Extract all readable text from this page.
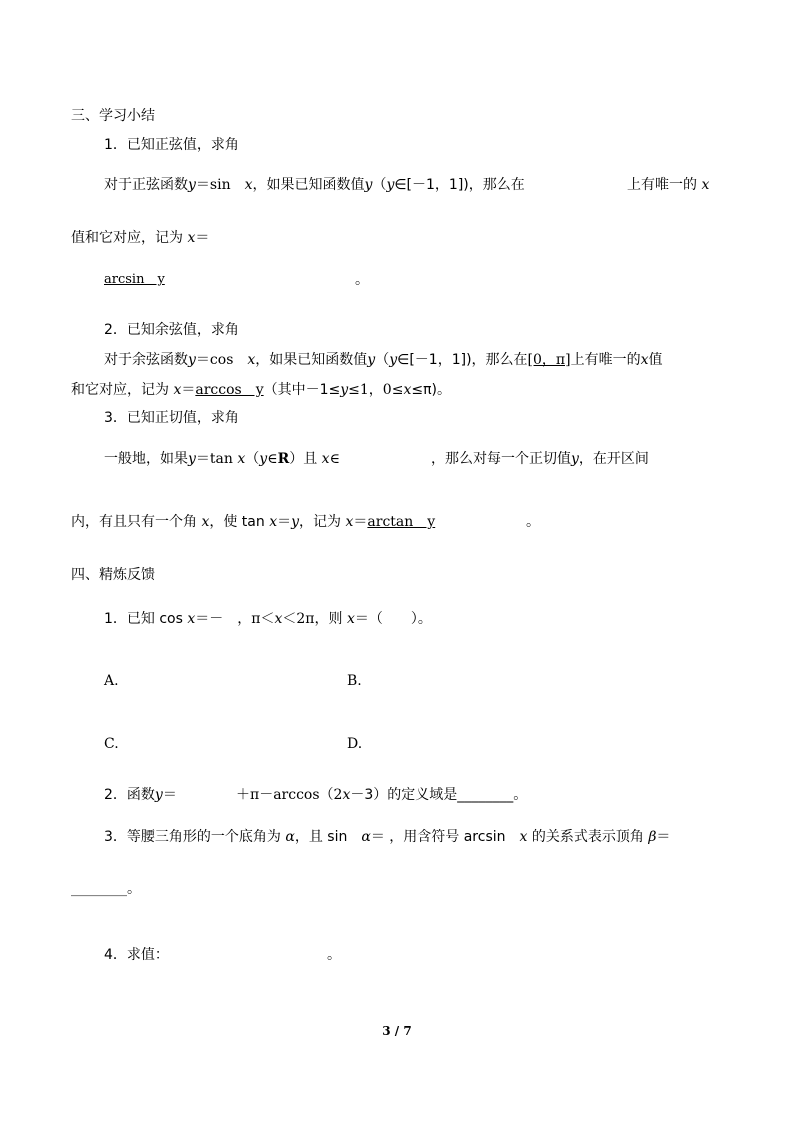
三、学习小结
1．已知正弦值，求角
对于正弦函数y＝sin　x，如果已知函数值y（y∈[－1，1])，那么在	上有唯一的 x
值和它对应，记为 x＝
arcsin　y	。
2．已知余弦值，求角
对于余弦函数y＝cos　x，如果已知函数值y（y∈[－1，1])，那么在[0，π]上有唯一的x值
和它对应，记为 x＝arccos　y（其中－1≤y≤1，0≤x≤π)。
3．已知正切值，求角
一般地，如果y＝tan x（y∈R）且 x∈	，那么对每一个正切值y，在开区间
内，有且只有一个角 x，使 tan x＝y，记为 x＝arctan　y	。
四、精炼反馈
1．已知 cos x＝－　，π＜x＜2π，则 x＝（　　）。
A.	B.
C.	D.
2．函数y＝	＋π－arccos（2x－3）的定义域是________。
3．等腰三角形的一个底角为 α，且 sin　α＝ ，用含符号 arcsin　x 的关系式表示顶角 β＝
________。
4．求值：	。
3 / 7
